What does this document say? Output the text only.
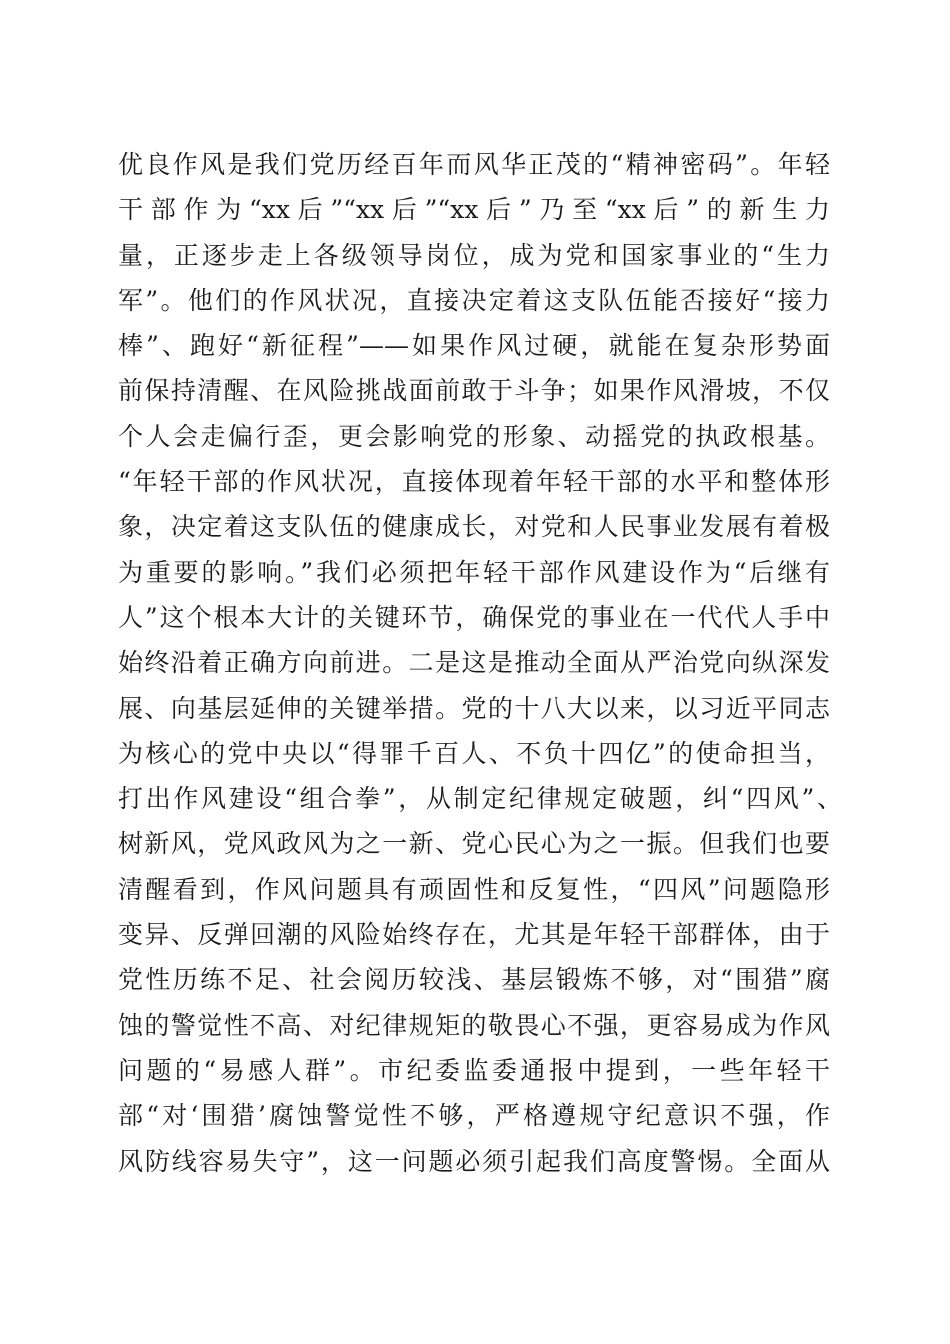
优良作风是我们党历经百年而风华正茂的“精神密码”。年轻
干部作为“xx后”“xx后”“xx后”乃至“xx后”的新生力
量，正逐步走上各级领导岗位，成为党和国家事业的“生力
军”。他们的作风状况，直接决定着这支队伍能否接好“接力
棒”、跑好“新征程”——如果作风过硬，就能在复杂形势面
前保持清醒、在风险挑战面前敢于斗争；如果作风滑坡，不仅
个人会走偏行歪，更会影响党的形象、动摇党的执政根基。
“年轻干部的作风状况，直接体现着年轻干部的水平和整体形
象，决定着这支队伍的健康成长，对党和人民事业发展有着极
为重要的影响。”我们必须把年轻干部作风建设作为“后继有
人”这个根本大计的关键环节，确保党的事业在一代代人手中
始终沿着正确方向前进。二是这是推动全面从严治党向纵深发
展、向基层延伸的关键举措。党的十八大以来，以习近平同志
为核心的党中央以“得罪千百人、不负十四亿”的使命担当，
打出作风建设“组合拳”，从制定纪律规定破题，纠“四风”、
树新风，党风政风为之一新、党心民心为之一振。但我们也要
清醒看到，作风问题具有顽固性和反复性，“四风”问题隐形
变异、反弹回潮的风险始终存在，尤其是年轻干部群体，由于
党性历练不足、社会阅历较浅、基层锻炼不够，对“围猎”腐
蚀的警觉性不高、对纪律规矩的敬畏心不强，更容易成为作风
问题的“易感人群”。市纪委监委通报中提到，一些年轻干
部“对‘围猎’腐蚀警觉性不够，严格遵规守纪意识不强，作
风防线容易失守”，这一问题必须引起我们高度警惕。全面从
